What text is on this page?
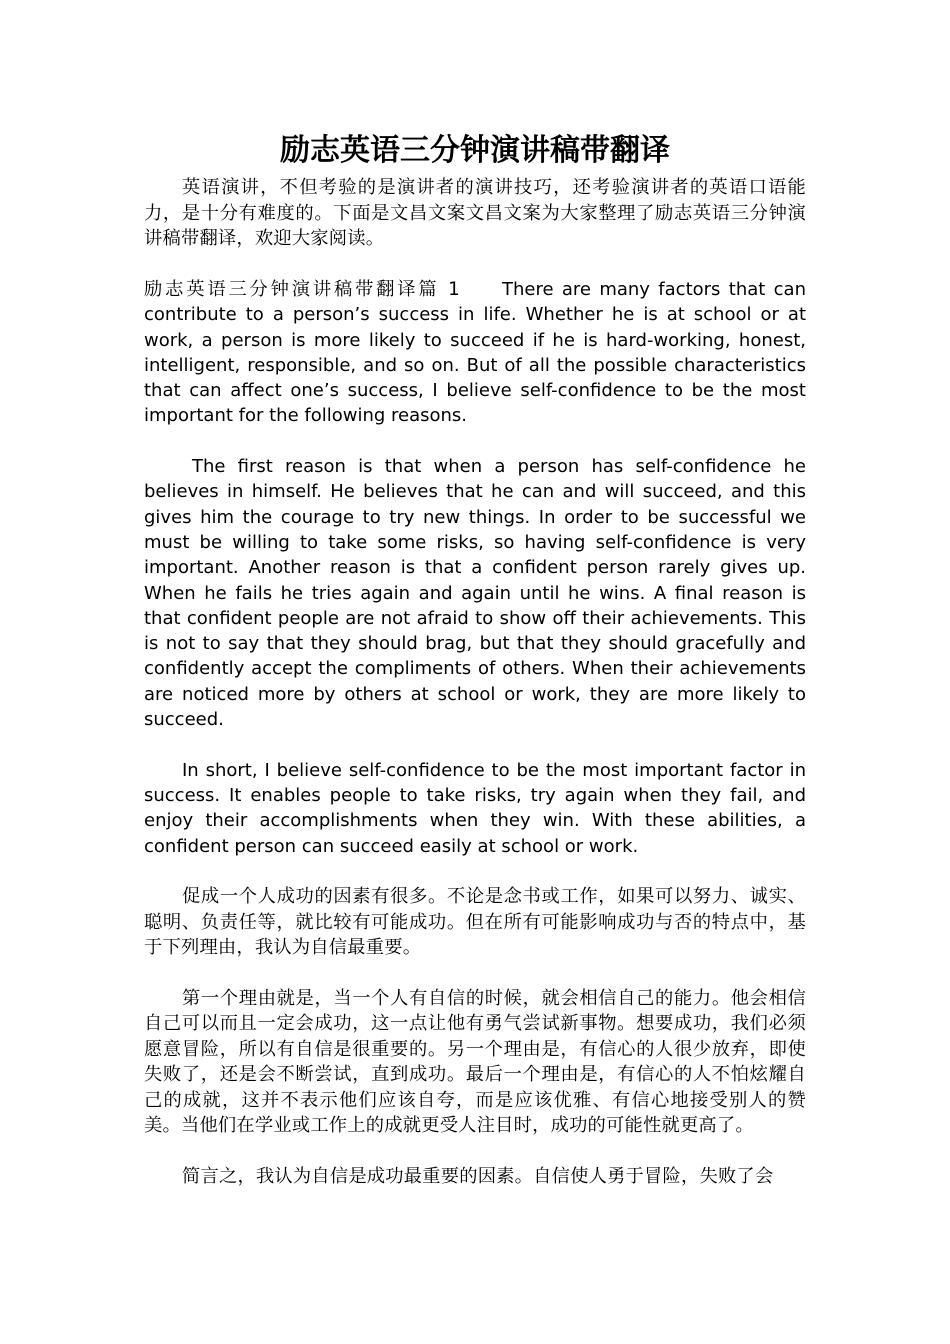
励志英语三分钟演讲稿带翻译

英语演讲，不但考验的是演讲者的演讲技巧，还考验演讲者的英语口语能力，是十分有难度的。下面是文昌文案文昌文案为大家整理了励志英语三分钟演讲稿带翻译，欢迎大家阅读。

励志英语三分钟演讲稿带翻译篇 1 There are many factors that can contribute to a person’s success in life. Whether he is at school or at work, a person is more likely to succeed if he is hard-working, honest, intelligent, responsible, and so on. But of all the possible characteristics that can affect one’s success, I believe self-confidence to be the most important for the following reasons.

The first reason is that when a person has self-confidence he believes in himself. He believes that he can and will succeed, and this gives him the courage to try new things. In order to be successful we must be willing to take some risks, so having self-confidence is very important. Another reason is that a confident person rarely gives up. When he fails he tries again and again until he wins. A final reason is that confident people are not afraid to show off their achievements. This is not to say that they should brag, but that they should gracefully and confidently accept the compliments of others. When their achievements are noticed more by others at school or work, they are more likely to succeed.

In short, I believe self-confidence to be the most important factor in success. It enables people to take risks, try again when they fail, and enjoy their accomplishments when they win. With these abilities, a confident person can succeed easily at school or work.

促成一个人成功的因素有很多。不论是念书或工作，如果可以努力、诚实、聪明、负责任等，就比较有可能成功。但在所有可能影响成功与否的特点中，基于下列理由，我认为自信最重要。

第一个理由就是，当一个人有自信的时候，就会相信自己的能力。他会相信自己可以而且一定会成功，这一点让他有勇气尝试新事物。想要成功，我们必须愿意冒险，所以有自信是很重要的。另一个理由是，有信心的人很少放弃，即使失败了，还是会不断尝试，直到成功。最后一个理由是，有信心的人不怕炫耀自己的成就，这并不表示他们应该自夸，而是应该优雅、有信心地接受别人的赞美。当他们在学业或工作上的成就更受人注目时，成功的可能性就更高了。

简言之，我认为自信是成功最重要的因素。自信使人勇于冒险，失败了会
